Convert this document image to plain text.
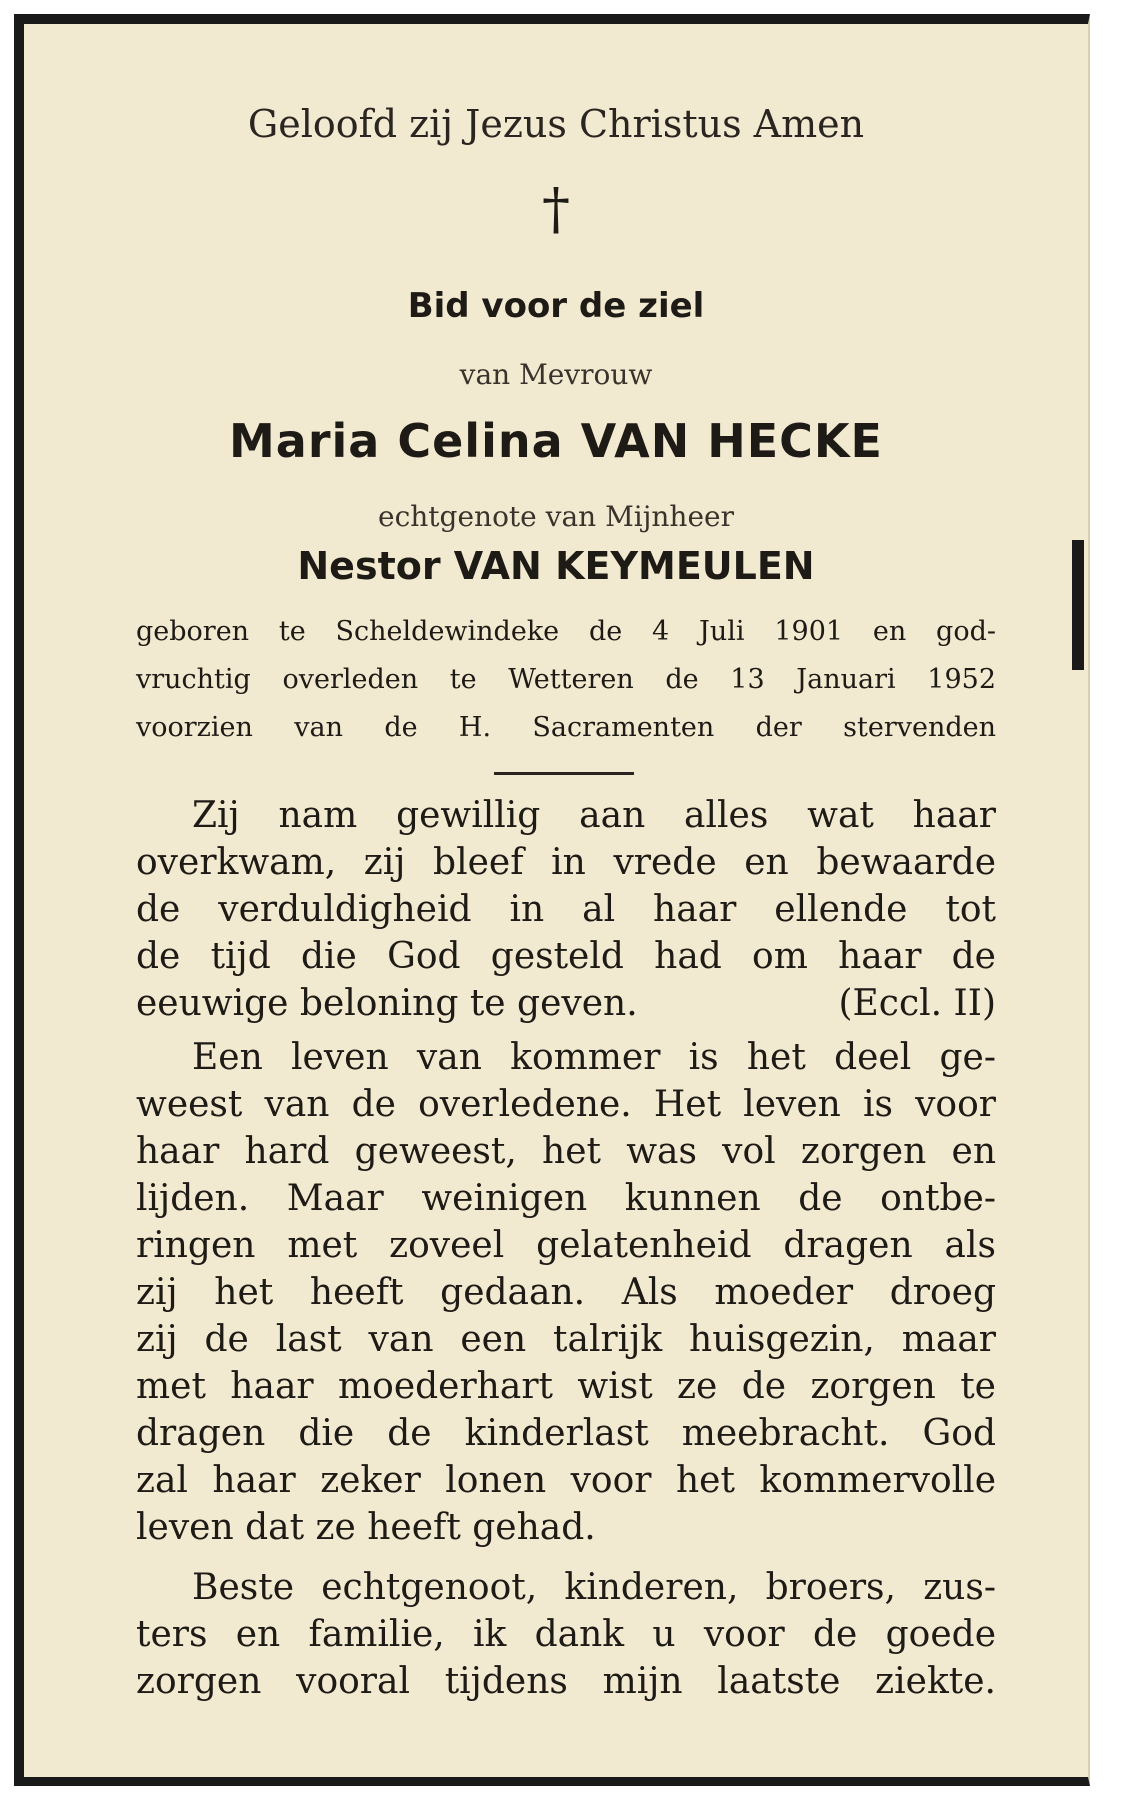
Geloofd zij Jezus Christus Amen
†
Bid voor de ziel
van Mevrouw
Maria Celina VAN HECKE
echtgenote van Mijnheer
Nestor VAN KEYMEULEN
geboren te Scheldewindeke de 4 Juli 1901 en god-
vruchtig overleden te Wetteren de 13 Januari 1952
voorzien van de H. Sacramenten der stervenden
Zij nam gewillig aan alles wat haar
overkwam, zij bleef in vrede en bewaarde
de verduldigheid in al haar ellende tot
de tijd die God gesteld had om haar de
eeuwige beloning te geven.	(Eccl. II)
Een leven van kommer is het deel ge-
weest van de overledene. Het leven is voor
haar hard geweest, het was vol zorgen en
lijden. Maar weinigen kunnen de ontbe-
ringen met zoveel gelatenheid dragen als
zij het heeft gedaan. Als moeder droeg
zij de last van een talrijk huisgezin, maar
met haar moederhart wist ze de zorgen te
dragen die de kinderlast meebracht. God
zal haar zeker lonen voor het kommervolle
leven dat ze heeft gehad.
Beste echtgenoot, kinderen, broers, zus-
ters en familie, ik dank u voor de goede
zorgen vooral tijdens mijn laatste ziekte.
